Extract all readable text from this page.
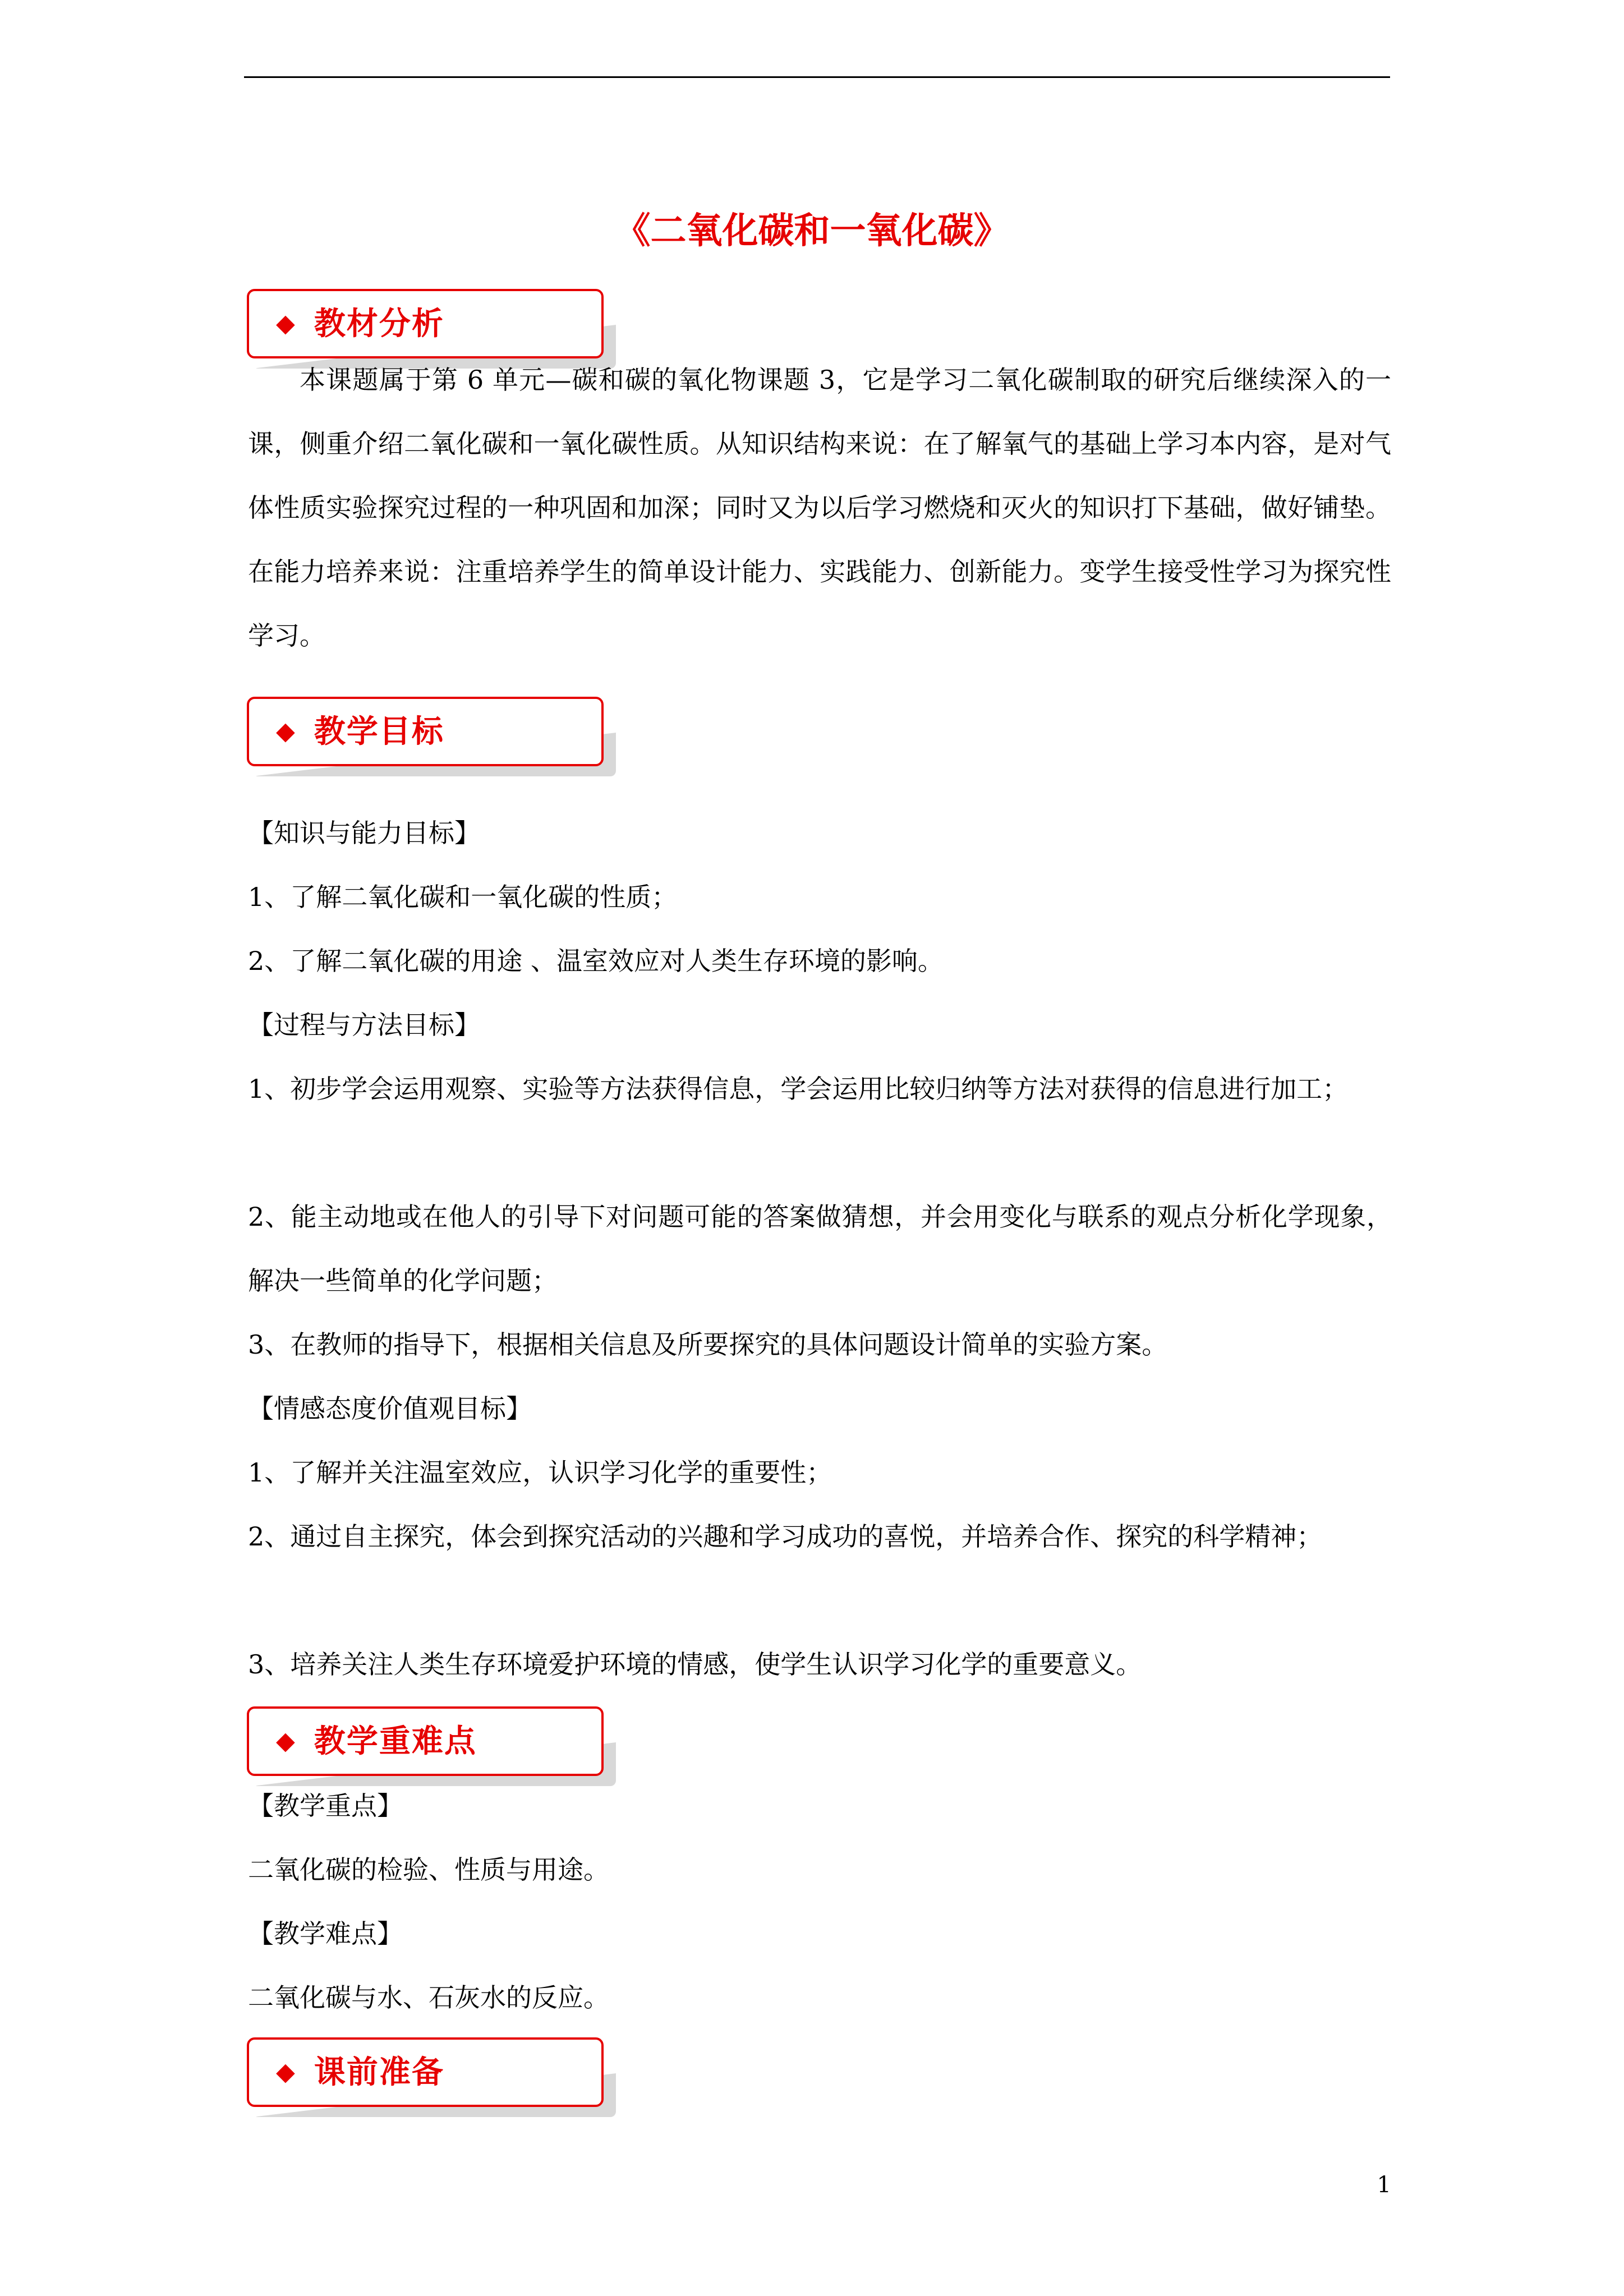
《二氧化碳和一氧化碳》
◆ 教材分析

本课题属于第 6 单元—碳和碳的氧化物课题 3，它是学习二氧化碳制取的研究后继续深入的一课，侧重介绍二氧化碳和一氧化碳性质。从知识结构来说：在了解氧气的基础上学习本内容，是对气体性质实验探究过程的一种巩固和加深；同时又为以后学习燃烧和灭火的知识打下基础，做好铺垫。在能力培养来说：注重培养学生的简单设计能力、实践能力、创新能力。变学生接受性学习为探究性学习。

◆ 教学目标

【知识与能力目标】

1、了解二氧化碳和一氧化碳的性质；

2、了解二氧化碳的用途 、温室效应对人类生存环境的影响。

【过程与方法目标】

1、初步学会运用观察、实验等方法获得信息，学会运用比较归纳等方法对获得的信息进行加工；

2、能主动地或在他人的引导下对问题可能的答案做猜想，并会用变化与联系的观点分析化学现象，解决一些简单的化学问题；

3、在教师的指导下，根据相关信息及所要探究的具体问题设计简单的实验方案。

【情感态度价值观目标】

1、了解并关注温室效应，认识学习化学的重要性；

2、通过自主探究，体会到探究活动的兴趣和学习成功的喜悦，并培养合作、探究的科学精神；

3、培养关注人类生存环境爱护环境的情感，使学生认识学习化学的重要意义。

◆ 教学重难点

【教学重点】

二氧化碳的检验、性质与用途。

【教学难点】

二氧化碳与水、石灰水的反应。

◆ 课前准备
1
